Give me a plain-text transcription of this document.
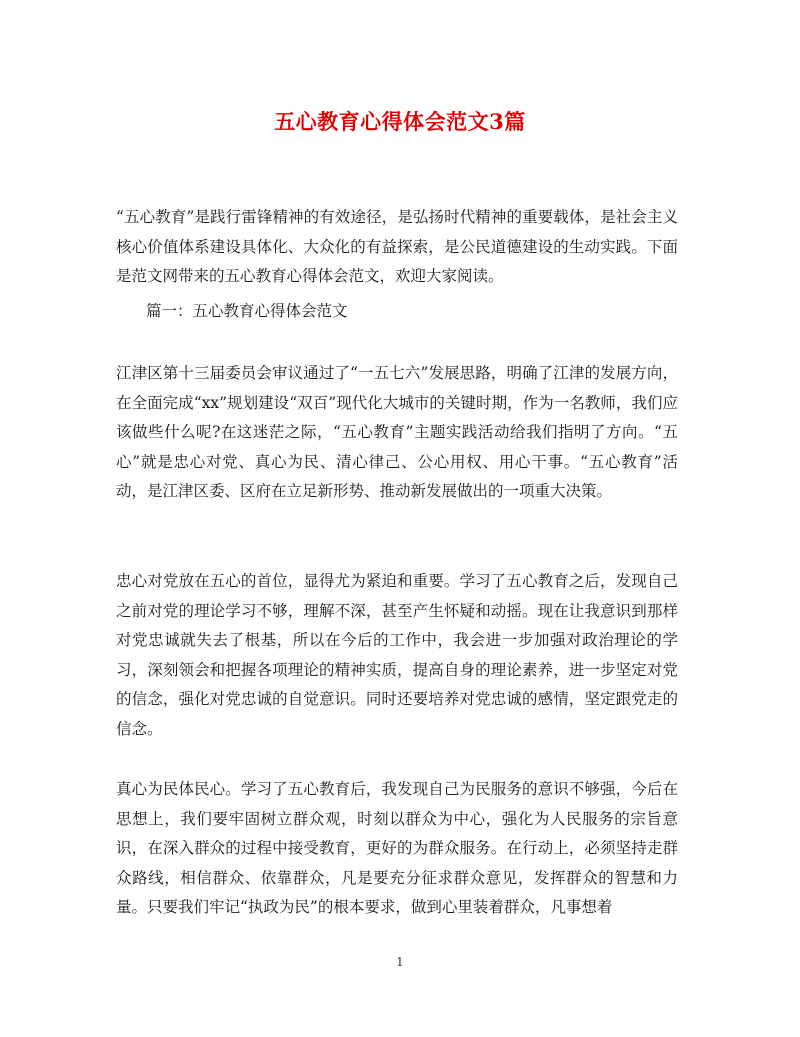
五心教育心得体会范文3篇
“五心教育”是践行雷锋精神的有效途径，是弘扬时代精神的重要载体，是社会主义核心价值体系建设具体化、大众化的有益探索，是公民道德建设的生动实践。下面是范文网带来的五心教育心得体会范文，欢迎大家阅读。
篇一：五心教育心得体会范文
江津区第十三届委员会审议通过了“一五七六”发展思路，明确了江津的发展方向，在全面完成“xx”规划建设“双百”现代化大城市的关键时期，作为一名教师，我们应该做些什么呢?在这迷茫之际，“五心教育”主题实践活动给我们指明了方向。“五心”就是忠心对党、真心为民、清心律己、公心用权、用心干事。“五心教育”活动，是江津区委、区府在立足新形势、推动新发展做出的一项重大决策。
忠心对党放在五心的首位，显得尤为紧迫和重要。学习了五心教育之后，发现自己之前对党的理论学习不够，理解不深，甚至产生怀疑和动摇。现在让我意识到那样对党忠诚就失去了根基，所以在今后的工作中，我会进一步加强对政治理论的学习，深刻领会和把握各项理论的精神实质，提高自身的理论素养，进一步坚定对党的信念，强化对党忠诚的自觉意识。同时还要培养对党忠诚的感情，坚定跟党走的信念。
真心为民体民心。学习了五心教育后，我发现自己为民服务的意识不够强，今后在思想上，我们要牢固树立群众观，时刻以群众为中心，强化为人民服务的宗旨意识，在深入群众的过程中接受教育，更好的为群众服务。在行动上，必须坚持走群众路线，相信群众、依靠群众，凡是要充分征求群众意见，发挥群众的智慧和力量。只要我们牢记“执政为民”的根本要求，做到心里装着群众，凡事想着
1
